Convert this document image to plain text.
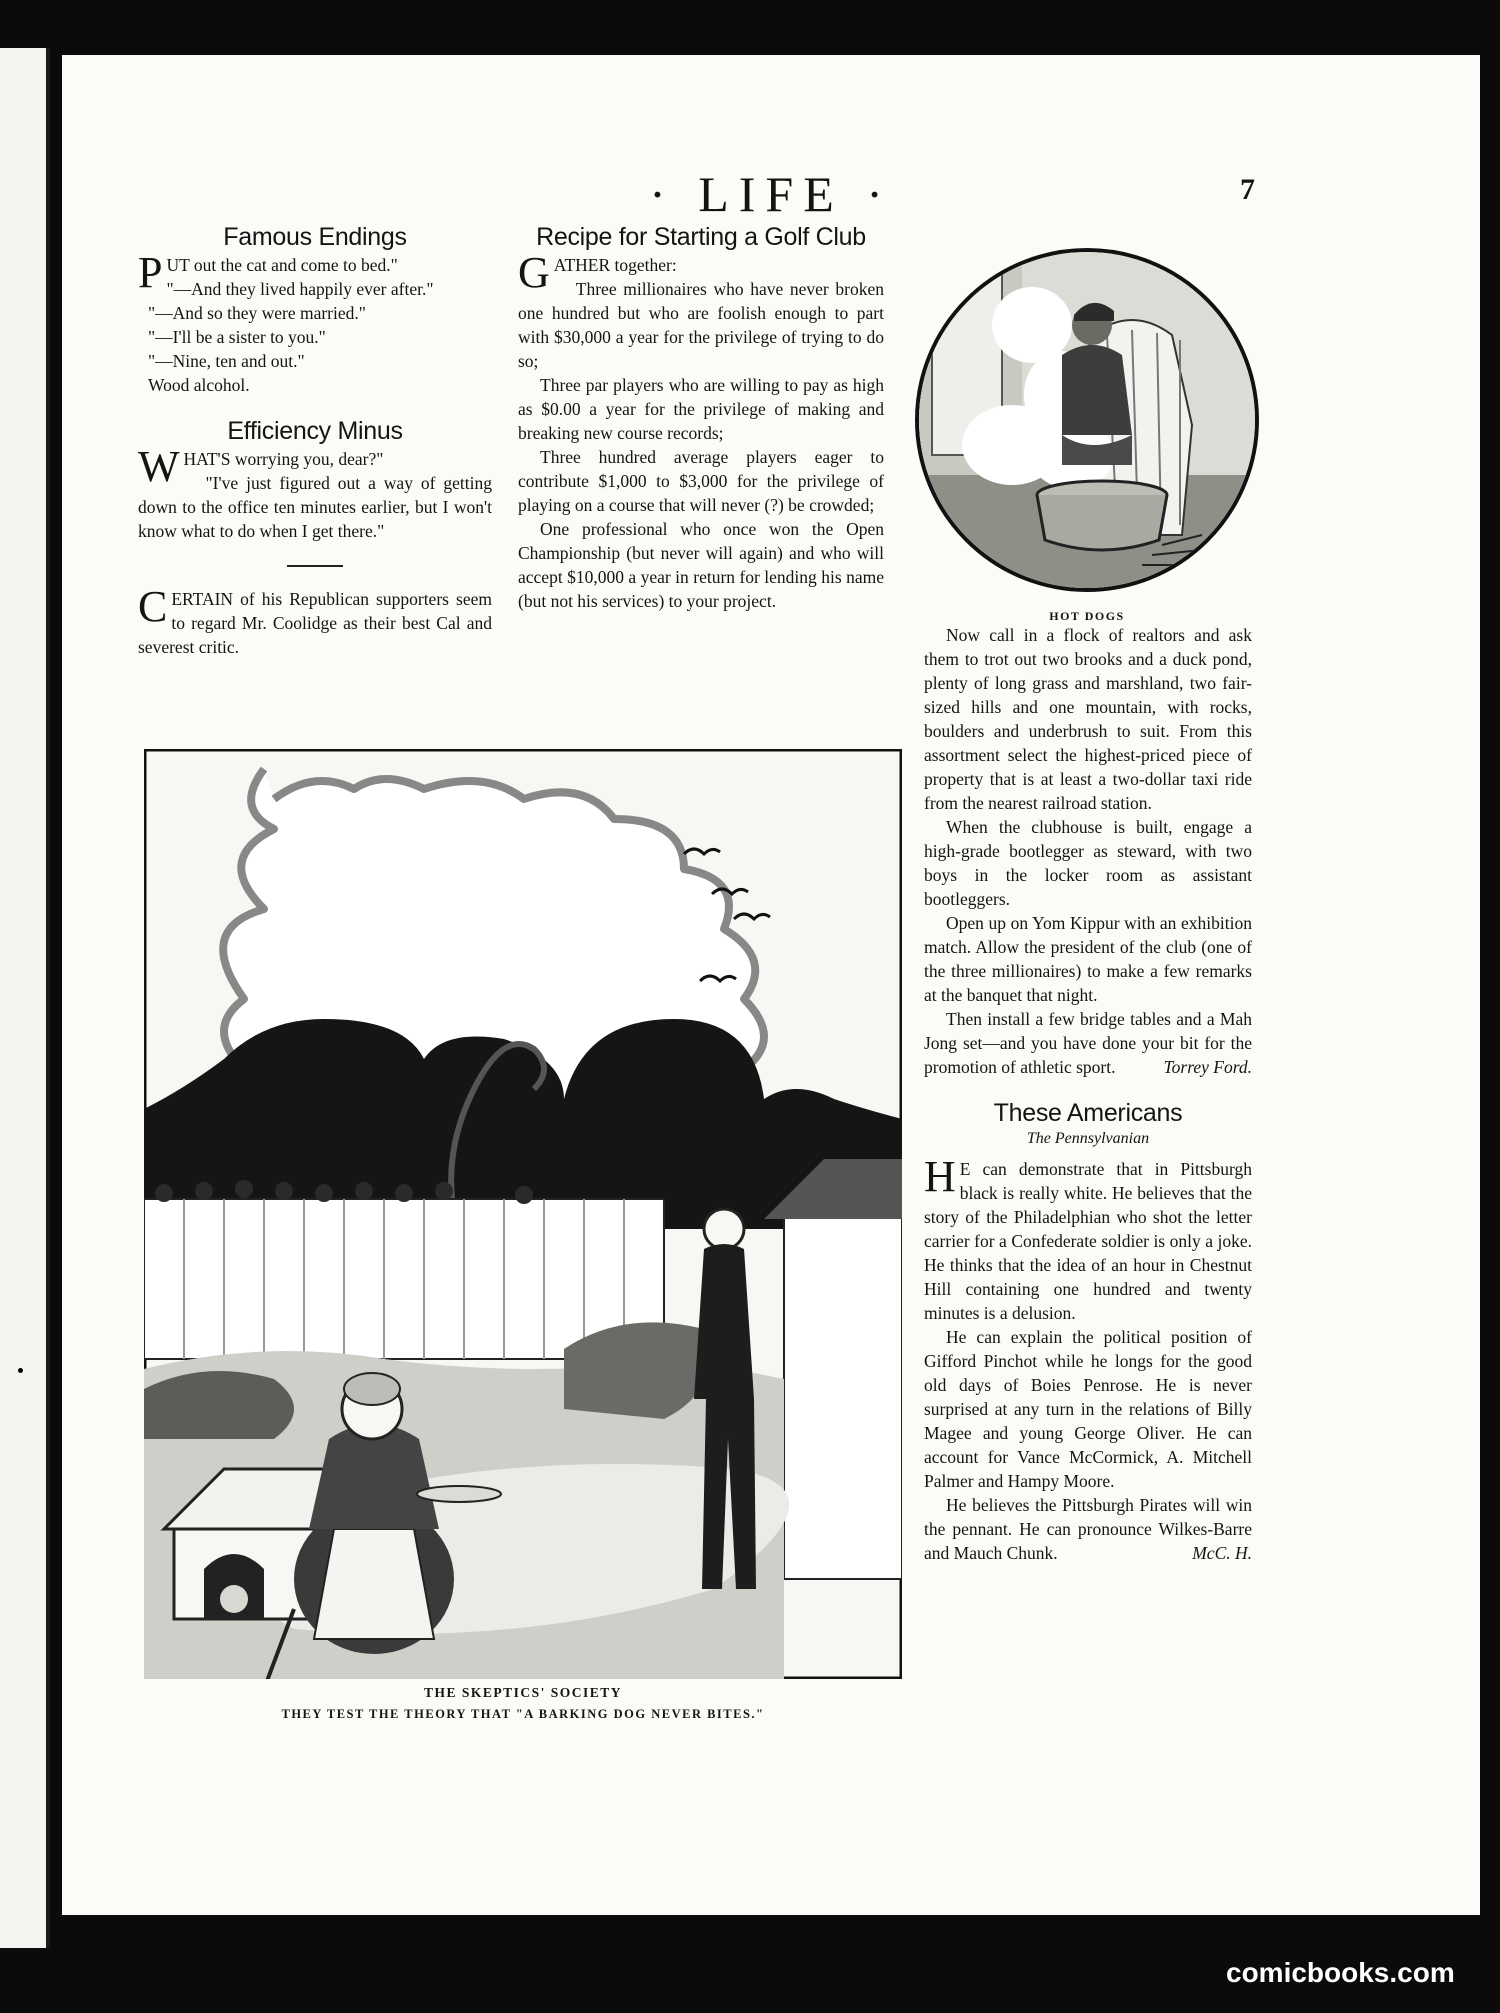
· LIFE ·	7
Famous Endings

PUT out the cat and come to bed."

"—And they lived happily ever after."

"—And so they were married."

"—I'll be a sister to you."

"—Nine, ten and out."

Wood alcohol.

Efficiency Minus

WHAT'S worrying you, dear?"

"I've just figured out a way of getting down to the office ten minutes earlier, but I won't know what to do when I get there."

CERTAIN of his Republican supporters seem to regard Mr. Coolidge as their best Cal and severest critic.

Recipe for Starting a Golf Club

GATHER together:

Three millionaires who have never broken one hundred but who are foolish enough to part with $30,000 a year for the privilege of trying to do so;

Three par players who are willing to pay as high as $0.00 a year for the privilege of making and breaking new course records;

Three hundred average players eager to contribute $1,000 to $3,000 for the privilege of playing on a course that will never (?) be crowded;

One professional who once won the Open Championship (but never will again) and who will accept $10,000 a year in return for lending his name (but not his services) to your project.

HOT DOGS

Now call in a flock of realtors and ask them to trot out two brooks and a duck pond, plenty of long grass and marshland, two fair-sized hills and one mountain, with rocks, boulders and underbrush to suit. From this assortment select the highest-priced piece of property that is at least a two-dollar taxi ride from the nearest railroad station.

When the clubhouse is built, engage a high-grade bootlegger as steward, with two boys in the locker room as assistant bootleggers.

Open up on Yom Kippur with an exhibition match. Allow the president of the club (one of the three millionaires) to make a few remarks at the banquet that night.

Then install a few bridge tables and a Mah Jong set—and you have done your bit for the promotion of athletic sport.	Torrey Ford.

These Americans
The Pennsylvanian

H E can demonstrate that in Pittsburgh black is really white. He believes that the story of the Philadelphian who shot the letter carrier for a Confederate soldier is only a joke. He thinks that the idea of an hour in Chestnut Hill containing one hundred and twenty minutes is a delusion.

He can explain the political position of Gifford Pinchot while he longs for the good old days of Boies Penrose. He is never surprised at any turn in the relations of Billy Magee and young George Oliver. He can account for Vance McCormick, A. Mitchell Palmer and Hampy Moore.

He believes the Pittsburgh Pirates will win the pennant. He can pronounce Wilkes-Barre and Mauch Chunk.	McC. H.

THE SKEPTICS' SOCIETY
THEY TEST THE THEORY THAT "A BARKING DOG NEVER BITES."
comicbooks.com
